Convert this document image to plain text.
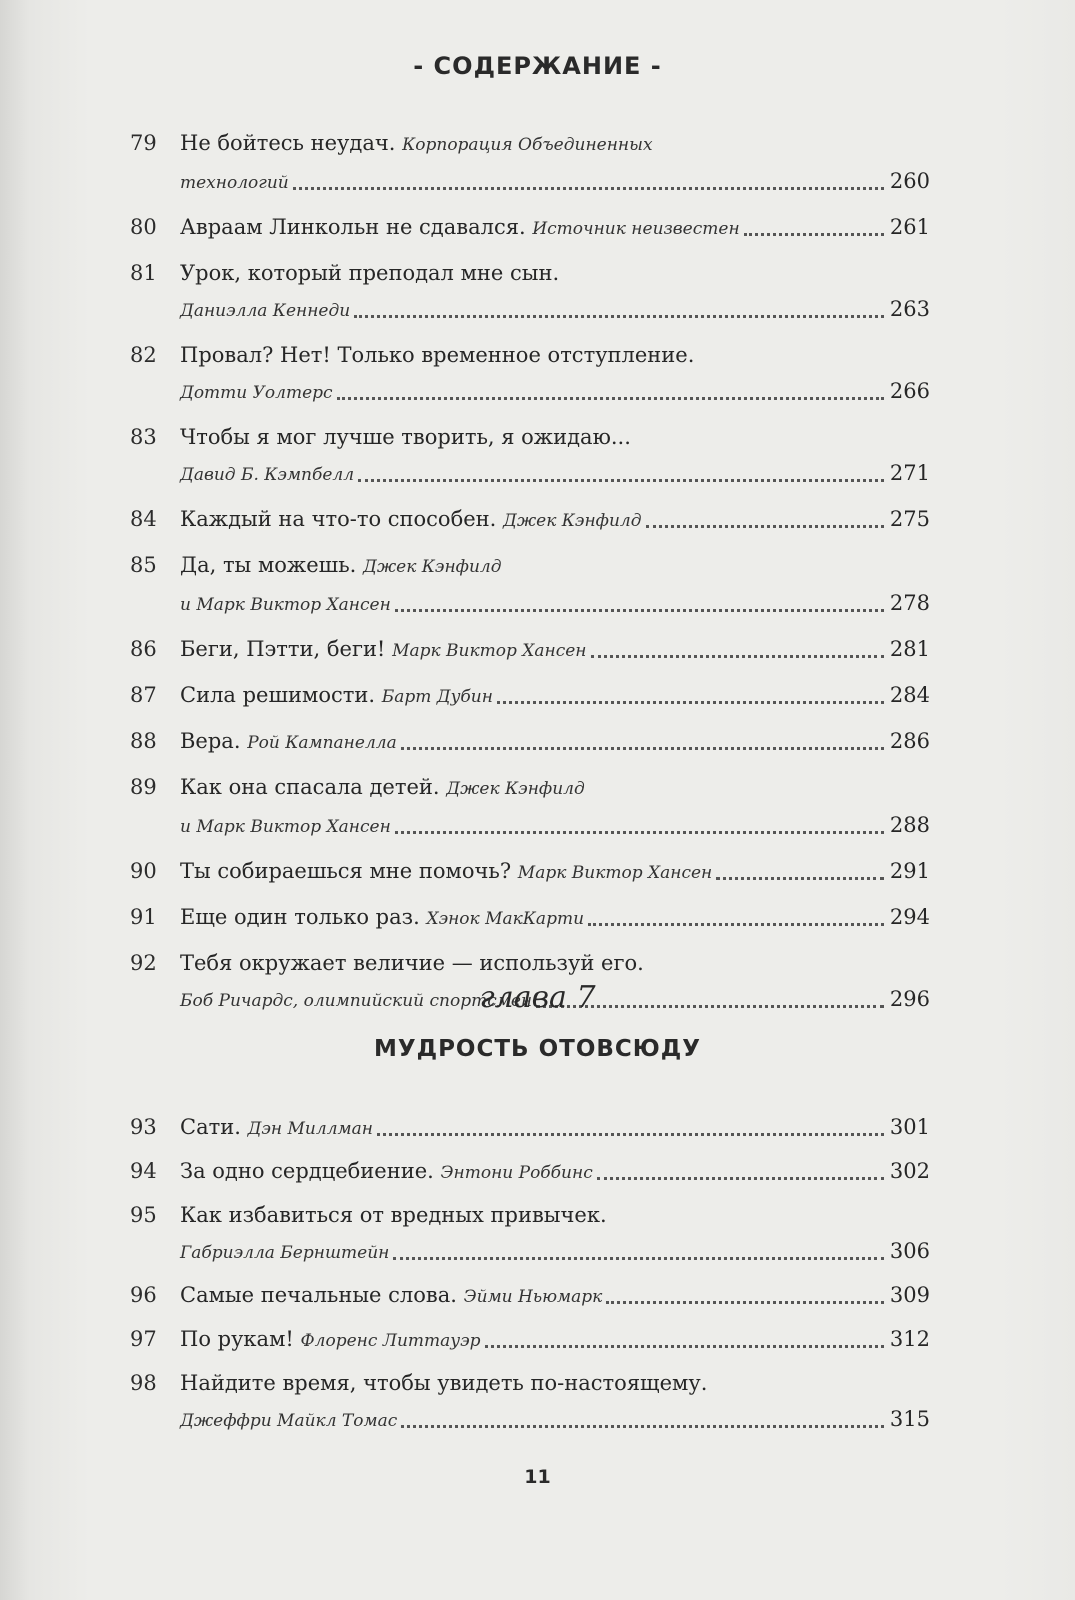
- СОДЕРЖАНИЕ -
79 Не бойтесь неудач.
Корпорация Объединенных
технологий	260
80 Авраам Линкольн не сдавался.
Источник неизвестен	261
81 Урок, который преподал мне сын.
Даниэлла Кеннеди	263
82 Провал? Нет! Только временное отступление.
Дотти Уолтерс	266
83 Чтобы я мог лучше творить, я ожидаю...
Давид Б. Кэмпбелл	271
84 Каждый на что-то способен.
Джек Кэнфилд	275
85 Да, ты можешь.
Джек Кэнфилд
и Марк Виктор Хансен	278
86 Беги, Пэтти, беги!
Марк Виктор Хансен	281
87 Сила решимости.
Барт Дубин	284
88 Вера.
Рой Кампанелла	286
89 Как она спасала детей.
Джек Кэнфилд
и Марк Виктор Хансен	288
90 Ты собираешься мне помочь?
Марк Виктор Хансен	291
91 Еще один только раз.
Хэнок МакКарти	294
92 Тебя окружает величие — используй его.
Боб Ричардс, олимпийский спортсмен	296
глава 7
МУДРОСТЬ ОТОВСЮДУ
93 Сати.
Дэн Миллман	301
94 За одно сердцебиение.
Энтони Роббинс	302
95 Как избавиться от вредных привычек.
Габриэлла Бернштейн	306
96 Самые печальные слова.
Эйми Ньюмарк	309
97 По рукам!
Флоренс Литтауэр	312
98 Найдите время, чтобы увидеть по-настоящему.
Джеффри Майкл Томас	315
11
